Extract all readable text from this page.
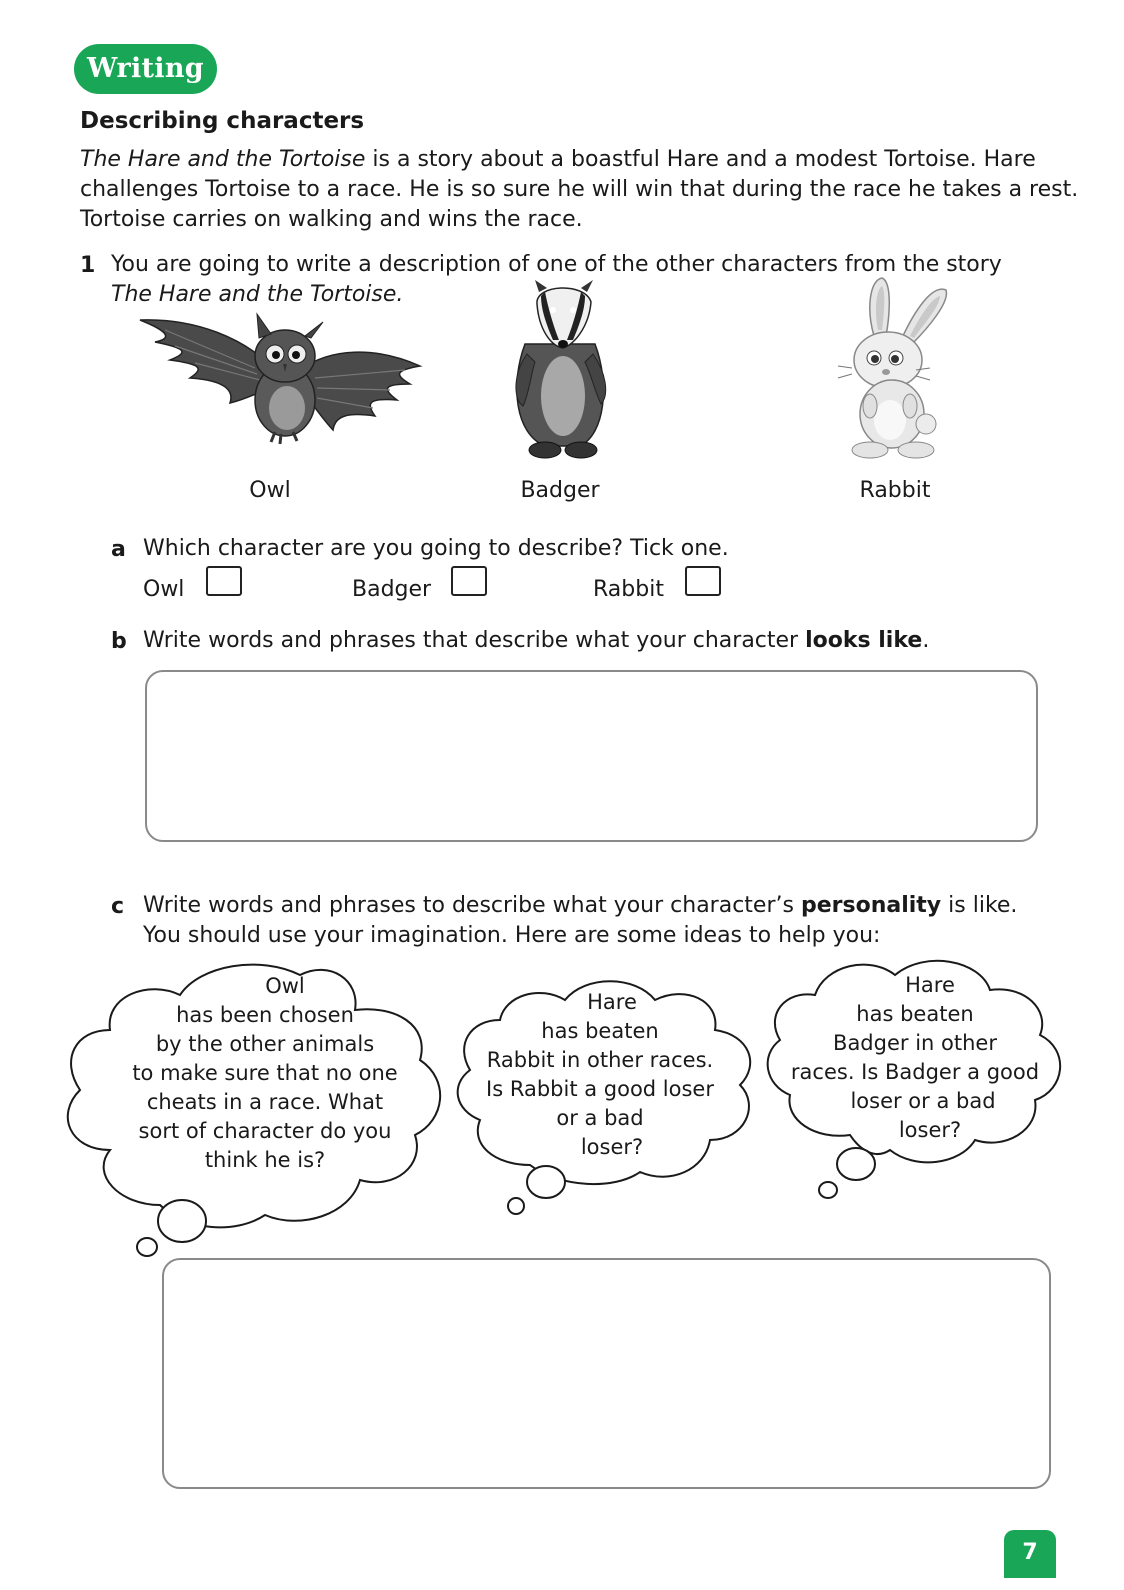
Writing
Describing characters
The Hare and the Tortoise is a story about a boastful Hare and a modest Tortoise. Hare
challenges Tortoise to a race. He is so sure he will win that during the race he takes a rest.
Tortoise carries on walking and wins the race.
1 You are going to write a description of one of the other characters from the story
The Hare and the Tortoise.
Owl	Badger	Rabbit
a Which character are you going to describe? Tick one.
Owl	Badger	Rabbit
b Write words and phrases that describe what your character looks like.
c Write words and phrases to describe what your character’s personality is like.
You should use your imagination. Here are some ideas to help you:
Owl
has been chosen
by the other animals
to make sure that no one
cheats in a race. What
sort of character do you
think he is?
Hare
has beaten
Rabbit in other races.
Is Rabbit a good loser
or a bad
loser?
Hare
has beaten
Badger in other
races. Is Badger a good
loser or a bad
loser?
7
